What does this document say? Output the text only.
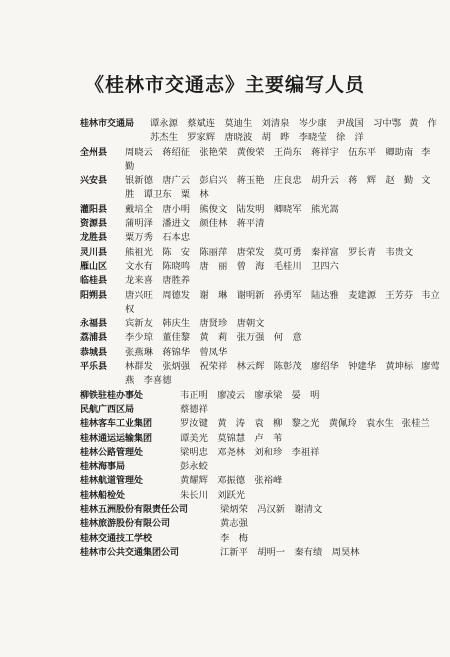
《桂林市交通志》主要编写人员
桂林市交通局	谭永源　蔡斌连　莫迪生　刘清泉　岑少康　尹战国　习中鄂 黄　作　苏杰生　罗家辉　唐晓波　胡　晔　李晓莹　徐　洋
全州县	周晓云　蒋绍征　张艳荣　黄俊荣　王尚东　蒋祥宇　伍东平　卿助南 李　勤
兴安县	银新德　唐广云　彭启兴　蒋玉艳　庄良忠　胡升云　蒋　辉　赵　勤 文　胜　谭卫东　粟　林
灌阳县	戴培全　唐小明　熊俊文　陆发明　卿晓军　熊光嵩
资源县	蒲明泽　潘进文　颜佳林　蒋平清
龙胜县	粟万秀　石本忠
灵川县	熊祖光　陈　安　陈丽萍　唐荣发　莫可勇　秦祥富　罗长青　韦贵文
雁山区	文水有　陈晓鸣　唐　丽　曾　海　毛桂川　卫四六
临桂县	龙来喜　唐胜养
阳朔县	唐兴旺　周德发　谢　琳　谢明新　孙勇军　陆达雅　麦建源　王芳芬 韦立权
永福县	宾新友　韩庆生　唐贤珍　唐朝文
荔浦县	李少琼　董佳黎　黄　莉　张万强　何　意
恭城县	张燕琳　蒋锦华　曾凤华
平乐县	林群发　张炳强　祝荣祥　林云辉　陈彰茂　廖绍华　钟建华　黄坤标 廖莺燕　李喜德
柳铁驻桂办事处	韦正明　廖凌云　廖承梁　晏　明
民航广西区局	蔡德祥
桂林客车工业集团	罗汝键　黄　涛　袁　柳　黎之光　黄佩玲　袁水生 张桂兰
桂林通运运输集团	谭美光　莫锦慧　卢　苇
桂林公路管理处	梁明忠　邓尧林　刘和珍　李祖祥
桂林海事局	彭永蛟
桂林航道管理处	黄耀辉　邓振德　张裕峰
桂林船检处	朱长川　刘跃光
桂林五洲股份有限责任公司	梁炳荣　冯汉新　谢清文
桂林旅游股份有限公司	黄志强
桂林交通技工学校	李　梅
桂林市公共交通集团公司	江新平　胡明一　秦有绩　周昊林
